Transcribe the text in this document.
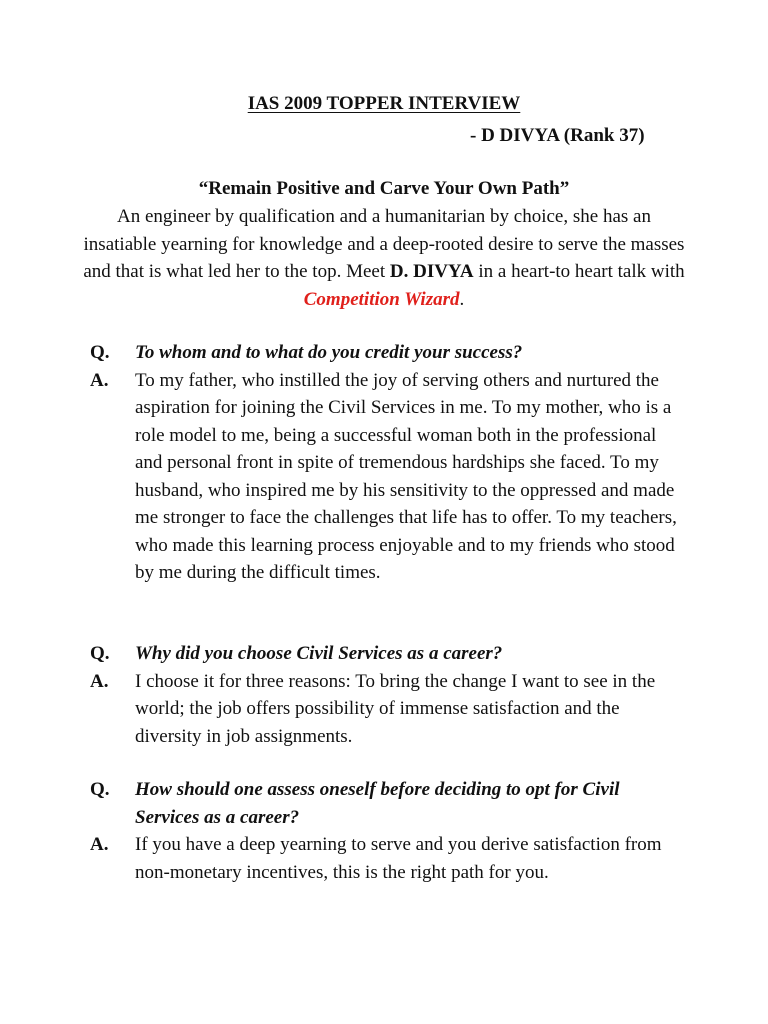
IAS 2009 TOPPER INTERVIEW
- D DIVYA (Rank 37)
“Remain Positive and Carve Your Own Path”
An engineer by qualification and a humanitarian by choice, she has an insatiable yearning for knowledge and a deep-rooted desire to serve the masses and that is what led her to the top. Meet D. DIVYA in a heart-to heart talk with Competition Wizard.
Q. To whom and to what do you credit your success?
A. To my father, who instilled the joy of serving others and nurtured the aspiration for joining the Civil Services in me. To my mother, who is a role model to me, being a successful woman both in the professional and personal front in spite of tremendous hardships she faced. To my husband, who inspired me by his sensitivity to the oppressed and made me stronger to face the challenges that life has to offer. To my teachers, who made this learning process enjoyable and to my friends who stood by me during the difficult times.
Q. Why did you choose Civil Services as a career?
A. I choose it for three reasons: To bring the change I want to see in the world; the job offers possibility of immense satisfaction and the diversity in job assignments.
Q. How should one assess oneself before deciding to opt for Civil Services as a career?
A. If you have a deep yearning to serve and you derive satisfaction from non-monetary incentives, this is the right path for you.
